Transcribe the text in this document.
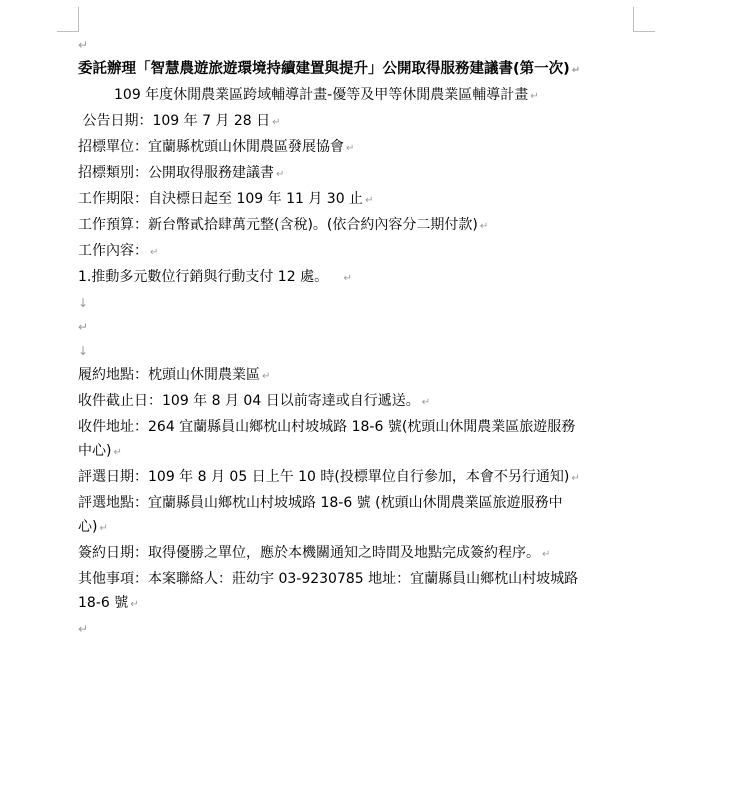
↵
委託辦理「智慧農遊旅遊環境持續建置與提升」公開取得服務建議書(第一次) ↵
109 年度休閒農業區跨域輔導計畫-優等及甲等休閒農業區輔導計畫 ↵
公告日期：109 年 7 月 28 日 ↵
招標單位：宜蘭縣枕頭山休閒農區發展協會 ↵
招標類別：公開取得服務建議書 ↵
工作期限：自決標日起至 109 年 11 月 30 止 ↵
工作預算：新台幣貳拾肆萬元整(含稅)。(依合約內容分二期付款) ↵
工作內容： ↵
1.推動多元數位行銷與行動支付 12 處。 ↵
↓
↵
↓
履約地點：枕頭山休閒農業區 ↵
收件截止日：109 年 8 月 04 日以前寄達或自行遞送。 ↵
收件地址：264 宜蘭縣員山鄉枕山村坡城路 18-6 號(枕頭山休閒農業區旅遊服務
中心) ↵
評選日期：109 年 8 月 05 日上午 10 時(投標單位自行參加，本會不另行通知) ↵
評選地點：宜蘭縣員山鄉枕山村坡城路 18-6 號 (枕頭山休閒農業區旅遊服務中
心) ↵
簽約日期：取得優勝之單位，應於本機關通知之時間及地點完成簽約程序。 ↵
其他事項：本案聯絡人：莊幼宇 03-9230785 地址：宜蘭縣員山鄉枕山村坡城路
18-6 號 ↵
↵
